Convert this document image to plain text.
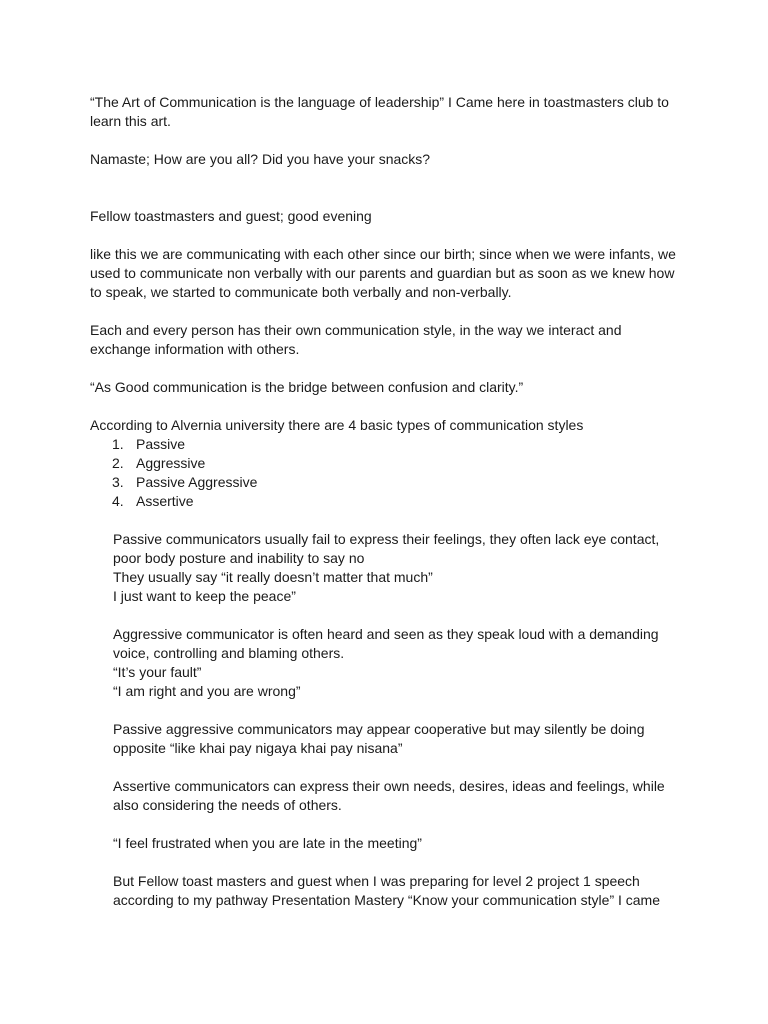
“The Art of Communication is the language of leadership” I Came here in toastmasters club to learn this art.

Namaste; How are you all? Did you have your snacks?

Fellow toastmasters and guest; good evening

like this we are communicating with each other since our birth; since when we were infants, we used to communicate non verbally with our parents and guardian but as soon as we knew how to speak, we started to communicate both verbally and non-verbally.

Each and every person has their own communication style, in the way we interact and exchange information with others.

“As Good communication is the bridge between confusion and clarity.”

According to Alvernia university there are 4 basic types of communication styles

1. Passive
2. Aggressive
3. Passive Aggressive
4. Assertive

Passive communicators usually fail to express their feelings, they often lack eye contact, poor body posture and inability to say no
They usually say “it really doesn’t matter that much”
I just want to keep the peace”

Aggressive communicator is often heard and seen as they speak loud with a demanding voice, controlling and blaming others.
“It’s your fault”
“I am right and you are wrong”

Passive aggressive communicators may appear cooperative but may silently be doing opposite “like khai pay nigaya khai pay nisana”

Assertive communicators can express their own needs, desires, ideas and feelings, while also considering the needs of others.

“I feel frustrated when you are late in the meeting”

But Fellow toast masters and guest when I was preparing for level 2 project 1 speech according to my pathway Presentation Mastery “Know your communication style” I came
